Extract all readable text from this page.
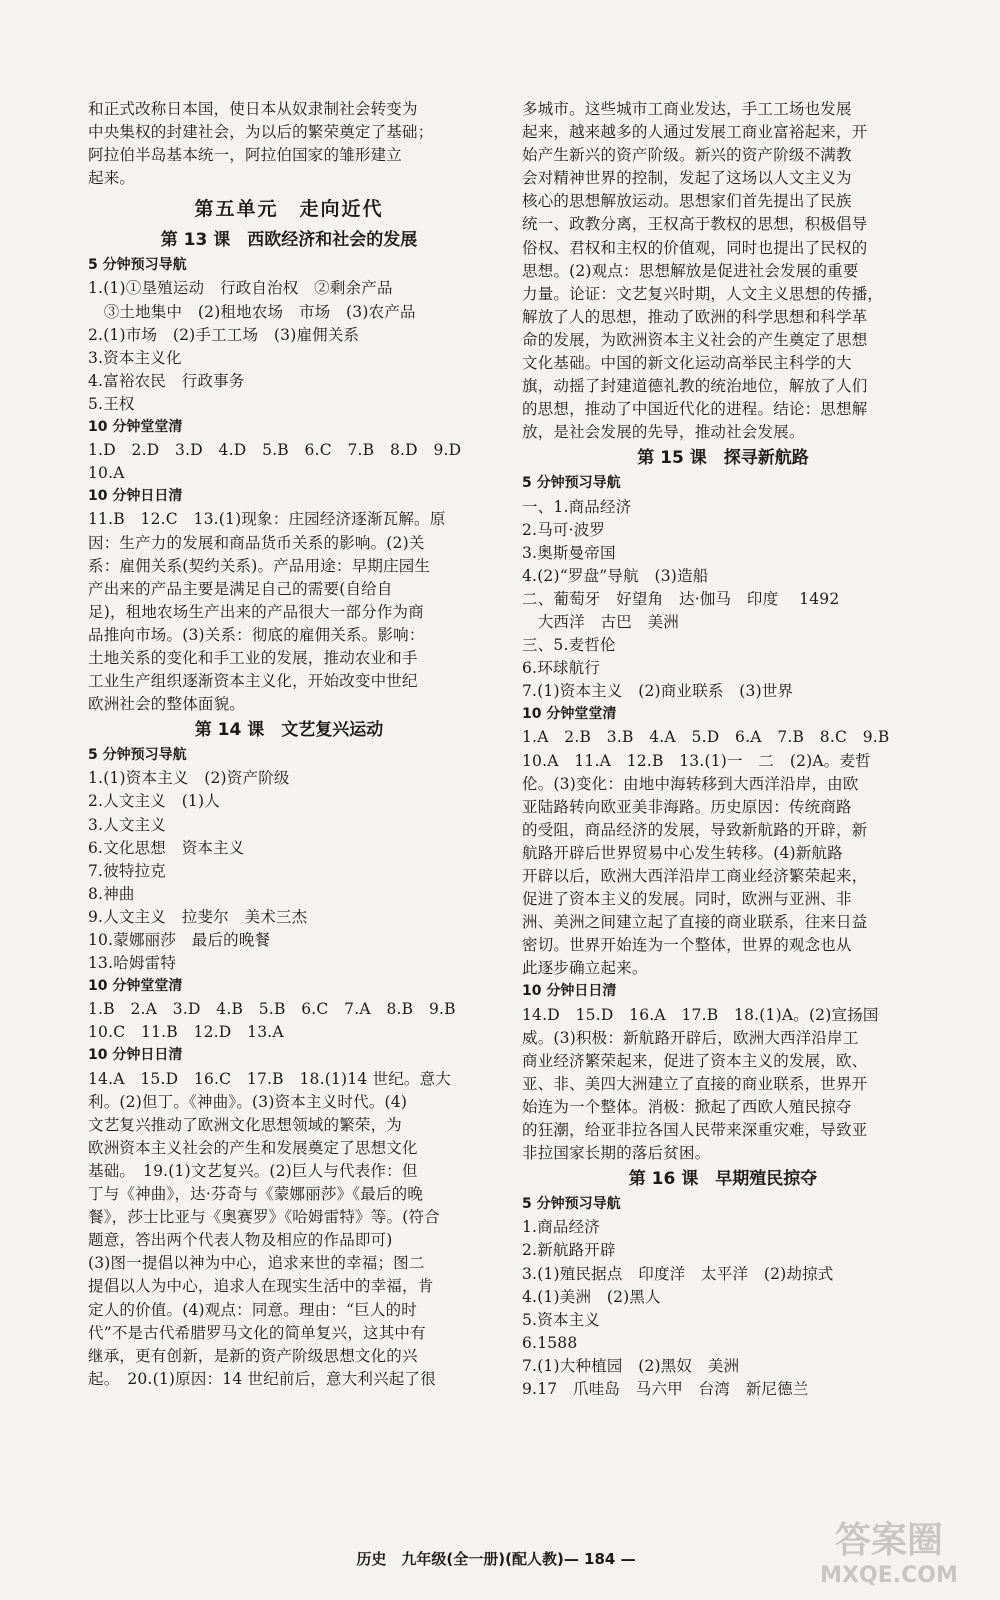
和正式改称日本国，使日本从奴隶制社会转变为
中央集权的封建社会，为以后的繁荣奠定了基础；
阿拉伯半岛基本统一，阿拉伯国家的雏形建立
起来。
第五单元　走向近代
第 13 课　西欧经济和社会的发展
5 分钟预习导航
1.(1)①垦殖运动　行政自治权　②剩余产品
　③土地集中　(2)租地农场　市场　(3)农产品
2.(1)市场　(2)手工工场　(3)雇佣关系
3.资本主义化
4.富裕农民　行政事务
5.王权
10 分钟堂堂清
1.D　2.D　3.D　4.D　5.B　6.C　7.B　8.D　9.D
10.A
10 分钟日日清
11.B　12.C　13.(1)现象：庄园经济逐渐瓦解。原
因：生产力的发展和商品货币关系的影响。(2)关
系：雇佣关系(契约关系)。产品用途：早期庄园生
产出来的产品主要是满足自己的需要(自给自
足)，租地农场生产出来的产品很大一部分作为商
品推向市场。(3)关系：彻底的雇佣关系。影响：
土地关系的变化和手工业的发展，推动农业和手
工业生产组织逐渐资本主义化，开始改变中世纪
欧洲社会的整体面貌。
第 14 课　文艺复兴运动
5 分钟预习导航
1.(1)资本主义　(2)资产阶级
2.人文主义　(1)人
3.人文主义
6.文化思想　资本主义
7.彼特拉克
8.神曲
9.人文主义　拉斐尔　美术三杰
10.蒙娜丽莎　最后的晚餐
13.哈姆雷特
10 分钟堂堂清
1.B　2.A　3.D　4.B　5.B　6.C　7.A　8.B　9.B
10.C　11.B　12.D　13.A
10 分钟日日清
14.A　15.D　16.C　17.B　18.(1)14 世纪。意大
利。(2)但丁。《神曲》。(3)资本主义时代。(4)
文艺复兴推动了欧洲文化思想领域的繁荣，为
欧洲资本主义社会的产生和发展奠定了思想文化
基础。　19.(1)文艺复兴。(2)巨人与代表作：但
丁与《神曲》，达·芬奇与《蒙娜丽莎》《最后的晚
餐》，莎士比亚与《奥赛罗》《哈姆雷特》等。(符合
题意，答出两个代表人物及相应的作品即可)
(3)图一提倡以神为中心，追求来世的幸福；图二
提倡以人为中心，追求人在现实生活中的幸福，肯
定人的价值。(4)观点：同意。理由：“巨人的时
代”不是古代希腊罗马文化的简单复兴，这其中有
继承，更有创新，是新的资产阶级思想文化的兴
起。　20.(1)原因：14 世纪前后，意大利兴起了很
多城市。这些城市工商业发达，手工工场也发展
起来，越来越多的人通过发展工商业富裕起来，开
始产生新兴的资产阶级。新兴的资产阶级不满教
会对精神世界的控制，发起了这场以人文主义为
核心的思想解放运动。思想家们首先提出了民族
统一、政教分离，王权高于教权的思想，积极倡导
俗权、君权和主权的价值观，同时也提出了民权的
思想。(2)观点：思想解放是促进社会发展的重要
力量。论证：文艺复兴时期，人文主义思想的传播，
解放了人的思想，推动了欧洲的科学思想和科学革
命的发展，为欧洲资本主义社会的产生奠定了思想
文化基础。中国的新文化运动高举民主科学的大
旗，动摇了封建道德礼教的统治地位，解放了人们
的思想，推动了中国近代化的进程。结论：思想解
放，是社会发展的先导，推动社会发展。
第 15 课　探寻新航路
5 分钟预习导航
一、1.商品经济
2.马可·波罗
3.奥斯曼帝国
4.(2)“罗盘”导航　(3)造船
二、葡萄牙　好望角　达·伽马　印度　 1492
　大西洋　古巴　美洲
三、5.麦哲伦
6.环球航行
7.(1)资本主义　(2)商业联系　(3)世界
10 分钟堂堂清
1.A　2.B　3.B　4.A　5.D　6.A　7.B　8.C　9.B
10.A　11.A　12.B　13.(1)一　二　(2)A。麦哲
伦。(3)变化：由地中海转移到大西洋沿岸，由欧
亚陆路转向欧亚美非海路。历史原因：传统商路
的受阻，商品经济的发展，导致新航路的开辟，新
航路开辟后世界贸易中心发生转移。(4)新航路
开辟以后，欧洲大西洋沿岸工商业经济繁荣起来，
促进了资本主义的发展。同时，欧洲与亚洲、非
洲、美洲之间建立起了直接的商业联系，往来日益
密切。世界开始连为一个整体，世界的观念也从
此逐步确立起来。
10 分钟日日清
14.D　15.D　16.A　17.B　18.(1)A。(2)宣扬国
威。(3)积极：新航路开辟后，欧洲大西洋沿岸工
商业经济繁荣起来，促进了资本主义的发展，欧、
亚、非、美四大洲建立了直接的商业联系，世界开
始连为一个整体。消极：掀起了西欧人殖民掠夺
的狂潮，给亚非拉各国人民带来深重灾难，导致亚
非拉国家长期的落后贫困。
第 16 课　早期殖民掠夺
5 分钟预习导航
1.商品经济
2.新航路开辟
3.(1)殖民据点　印度洋　太平洋　(2)劫掠式
4.(1)美洲　(2)黑人
5.资本主义
6.1588
7.(1)大种植园　(2)黑奴　美洲
9.17　爪哇岛　马六甲　台湾　新尼德兰
历史　九年级(全一册)(配人教)— 184 —	答案圈
MXQE.COM
